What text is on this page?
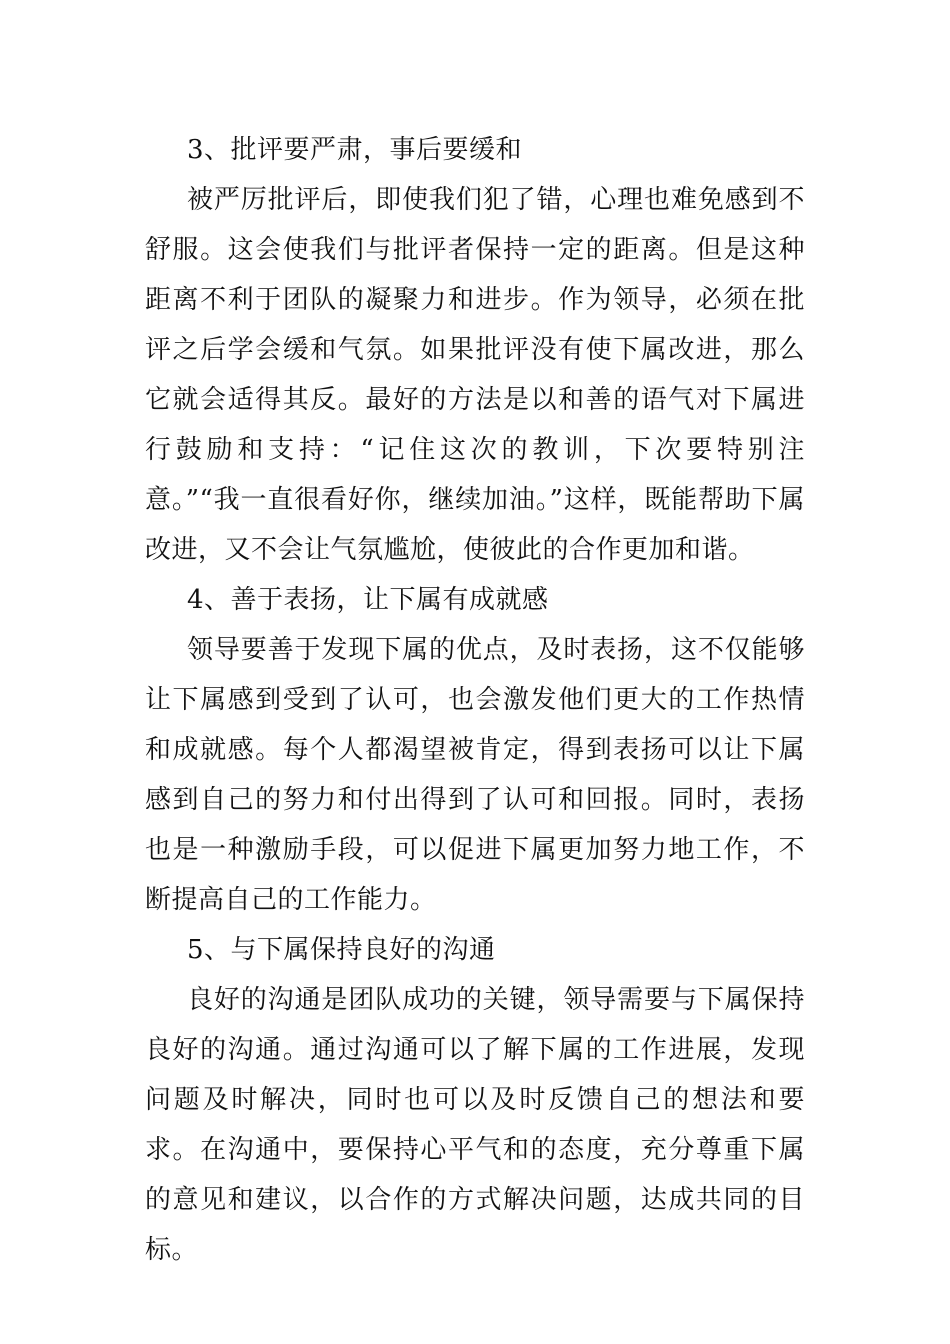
3、批评要严肃，事后要缓和

被严厉批评后，即使我们犯了错，心理也难免感到不舒服。这会使我们与批评者保持一定的距离。但是这种距离不利于团队的凝聚力和进步。作为领导，必须在批评之后学会缓和气氛。如果批评没有使下属改进，那么它就会适得其反。最好的方法是以和善的语气对下属进行鼓励和支持：“记住这次的教训，下次要特别注意。”“我一直很看好你，继续加油。”这样，既能帮助下属改进，又不会让气氛尴尬，使彼此的合作更加和谐。

4、善于表扬，让下属有成就感

领导要善于发现下属的优点，及时表扬，这不仅能够让下属感到受到了认可，也会激发他们更大的工作热情和成就感。每个人都渴望被肯定，得到表扬可以让下属感到自己的努力和付出得到了认可和回报。同时，表扬也是一种激励手段，可以促进下属更加努力地工作，不断提高自己的工作能力。

5、与下属保持良好的沟通

良好的沟通是团队成功的关键，领导需要与下属保持良好的沟通。通过沟通可以了解下属的工作进展，发现问题及时解决，同时也可以及时反馈自己的想法和要求。在沟通中，要保持心平气和的态度，充分尊重下属的意见和建议，以合作的方式解决问题，达成共同的目标。
